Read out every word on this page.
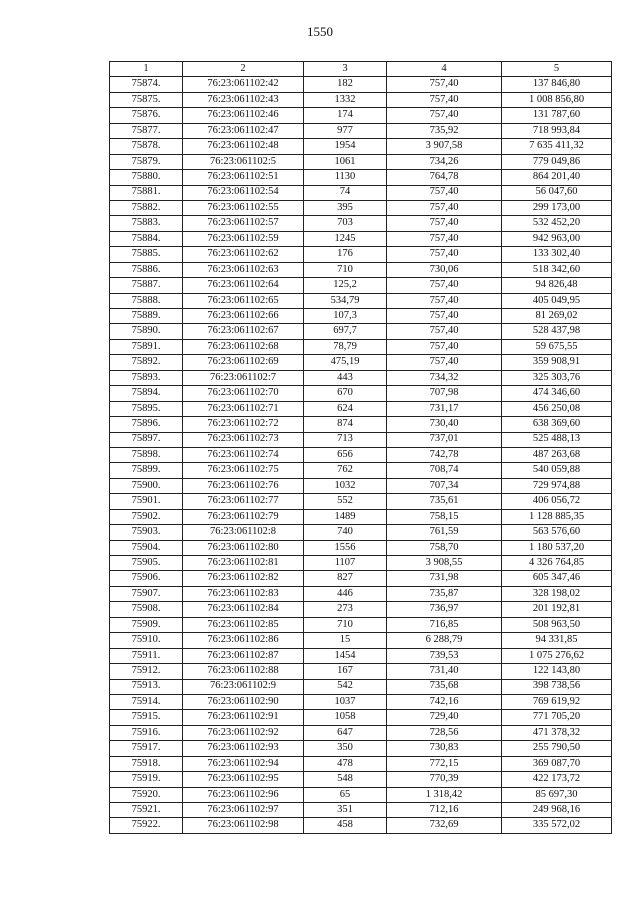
1550
1	2	3	4	5
75874.	76:23:061102:42	182	757,40	137 846,80
75875.	76:23:061102:43	1332	757,40	1 008 856,80
75876.	76:23:061102:46	174	757,40	131 787,60
75877.	76:23:061102:47	977	735,92	718 993,84
75878.	76:23:061102:48	1954	3 907,58	7 635 411,32
75879.	76:23:061102:5	1061	734,26	779 049,86
75880.	76:23:061102:51	1130	764,78	864 201,40
75881.	76:23:061102:54	74	757,40	56 047,60
75882.	76:23:061102:55	395	757,40	299 173,00
75883.	76:23:061102:57	703	757,40	532 452,20
75884.	76:23:061102:59	1245	757,40	942 963,00
75885.	76:23:061102:62	176	757,40	133 302,40
75886.	76:23:061102:63	710	730,06	518 342,60
75887.	76:23:061102:64	125,2	757,40	94 826,48
75888.	76:23:061102:65	534,79	757,40	405 049,95
75889.	76:23:061102:66	107,3	757,40	81 269,02
75890.	76:23:061102:67	697,7	757,40	528 437,98
75891.	76:23:061102:68	78,79	757,40	59 675,55
75892.	76:23:061102:69	475,19	757,40	359 908,91
75893.	76:23:061102:7	443	734,32	325 303,76
75894.	76:23:061102:70	670	707,98	474 346,60
75895.	76:23:061102:71	624	731,17	456 250,08
75896.	76:23:061102:72	874	730,40	638 369,60
75897.	76:23:061102:73	713	737,01	525 488,13
75898.	76:23:061102:74	656	742,78	487 263,68
75899.	76:23:061102:75	762	708,74	540 059,88
75900.	76:23:061102:76	1032	707,34	729 974,88
75901.	76:23:061102:77	552	735,61	406 056,72
75902.	76:23:061102:79	1489	758,15	1 128 885,35
75903.	76:23:061102:8	740	761,59	563 576,60
75904.	76:23:061102:80	1556	758,70	1 180 537,20
75905.	76:23:061102:81	1107	3 908,55	4 326 764,85
75906.	76:23:061102:82	827	731,98	605 347,46
75907.	76:23:061102:83	446	735,87	328 198,02
75908.	76:23:061102:84	273	736,97	201 192,81
75909.	76:23:061102:85	710	716,85	508 963,50
75910.	76:23:061102:86	15	6 288,79	94 331,85
75911.	76:23:061102:87	1454	739,53	1 075 276,62
75912.	76:23:061102:88	167	731,40	122 143,80
75913.	76:23:061102:9	542	735,68	398 738,56
75914.	76:23:061102:90	1037	742,16	769 619,92
75915.	76:23:061102:91	1058	729,40	771 705,20
75916.	76:23:061102:92	647	728,56	471 378,32
75917.	76:23:061102:93	350	730,83	255 790,50
75918.	76:23:061102:94	478	772,15	369 087,70
75919.	76:23:061102:95	548	770,39	422 173,72
75920.	76:23:061102:96	65	1 318,42	85 697,30
75921.	76:23:061102:97	351	712,16	249 968,16
75922.	76:23:061102:98	458	732,69	335 572,02
